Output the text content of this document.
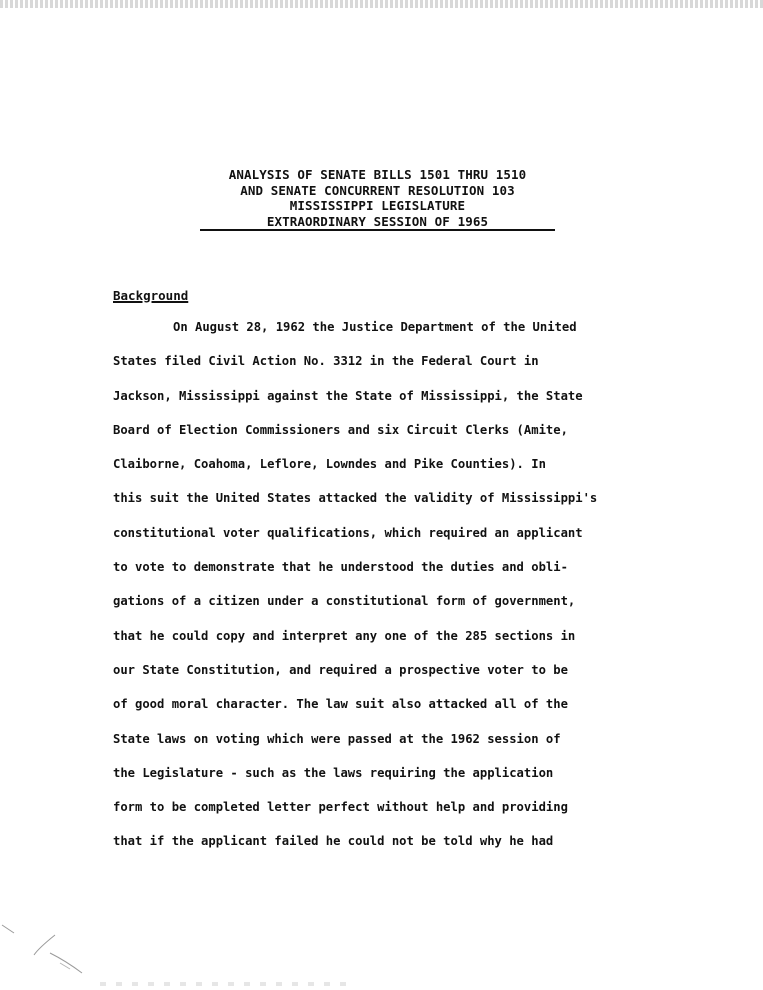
ANALYSIS OF SENATE BILLS 1501 THRU 1510
AND SENATE CONCURRENT RESOLUTION 103
MISSISSIPPI LEGISLATURE
EXTRAORDINARY SESSION OF 1965
Background
On August 28, 1962 the Justice Department of the United
States filed Civil Action No. 3312 in the Federal Court in
Jackson, Mississippi against the State of Mississippi, the State
Board of Election Commissioners and six Circuit Clerks (Amite,
Claiborne, Coahoma, Leflore, Lowndes and Pike Counties). In
this suit the United States attacked the validity of Mississippi's
constitutional voter qualifications, which required an applicant
to vote to demonstrate that he understood the duties and obli-
gations of a citizen under a constitutional form of government,
that he could copy and interpret any one of the 285 sections in
our State Constitution, and required a prospective voter to be
of good moral character. The law suit also attacked all of the
State laws on voting which were passed at the 1962 session of
the Legislature - such as the laws requiring the application
form to be completed letter perfect without help and providing
that if the applicant failed he could not be told why he had
